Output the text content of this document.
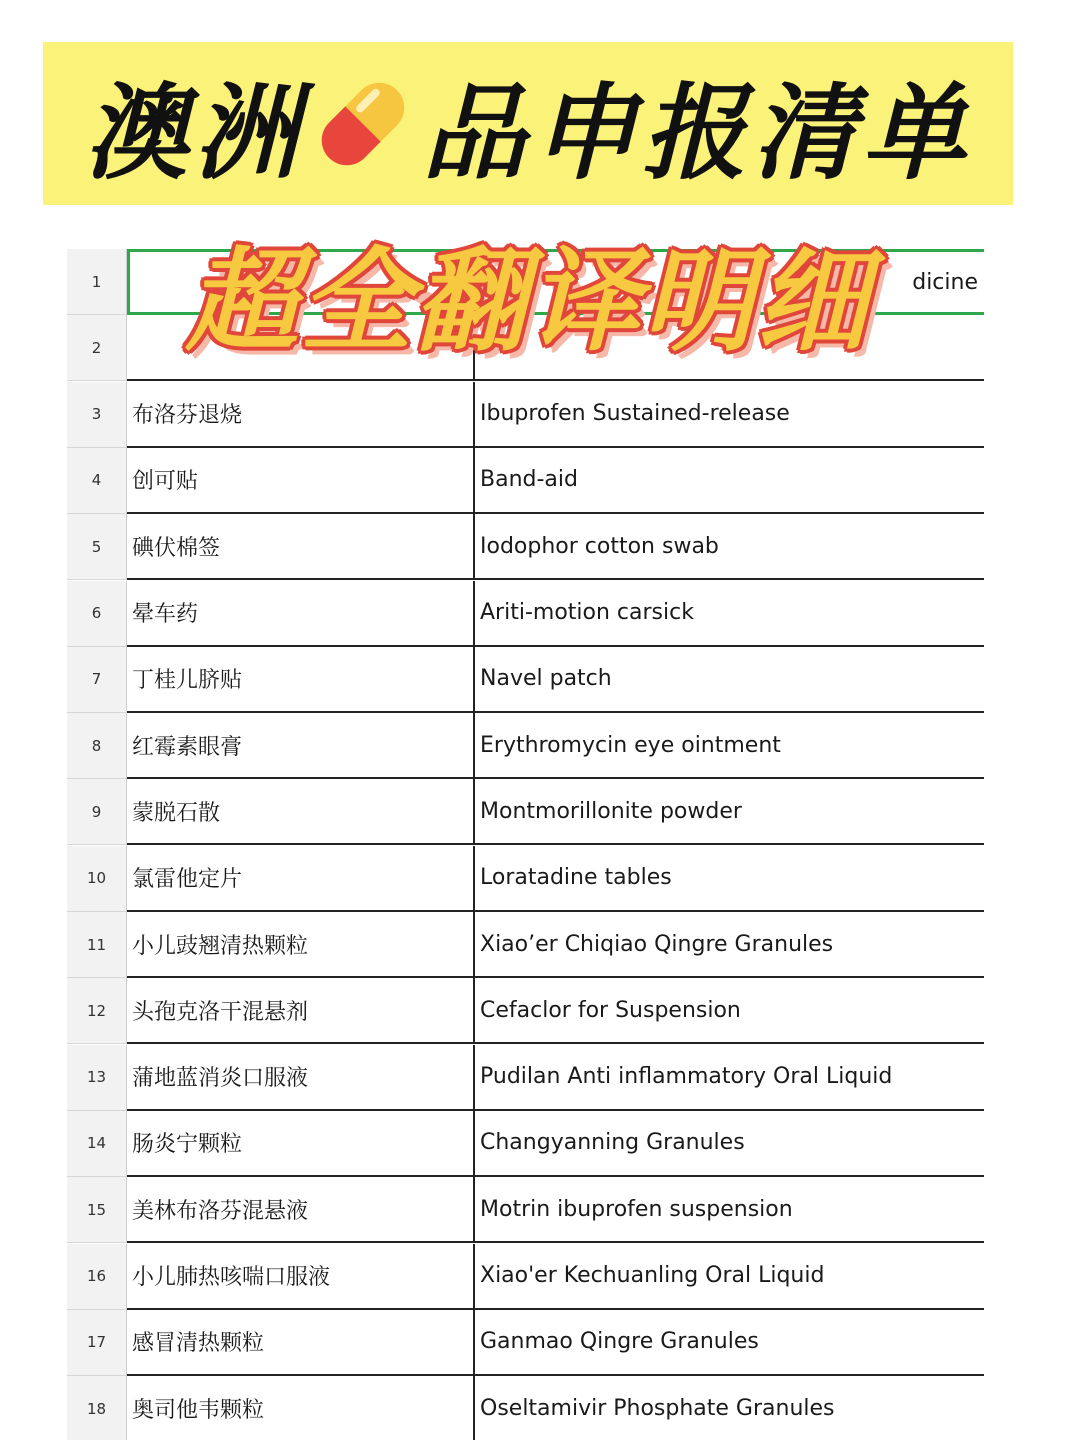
澳洲 品申报清单
1	dicine
2
3	布洛芬退烧	Ibuprofen Sustained-release
4	创可贴	Band-aid
5	碘伏棉签	Iodophor cotton swab
6	晕车药	Ariti-motion carsick
7	丁桂儿脐贴	Navel patch
8	红霉素眼膏	Erythromycin eye ointment
9	蒙脱石散	Montmorillonite powder
10	氯雷他定片	Loratadine tables
11	小儿豉翘清热颗粒	Xiao’er Chiqiao Qingre Granules
12	头孢克洛干混悬剂	Cefaclor for Suspension
13	蒲地蓝消炎口服液	Pudilan Anti inflammatory Oral Liquid
14	肠炎宁颗粒	Changyanning Granules
15	美林布洛芬混悬液	Motrin ibuprofen suspension
16	小儿肺热咳喘口服液	Xiao'er Kechuanling Oral Liquid
17	感冒清热颗粒	Ganmao Qingre Granules
18	奥司他韦颗粒	Oseltamivir Phosphate Granules
超全翻译明细
